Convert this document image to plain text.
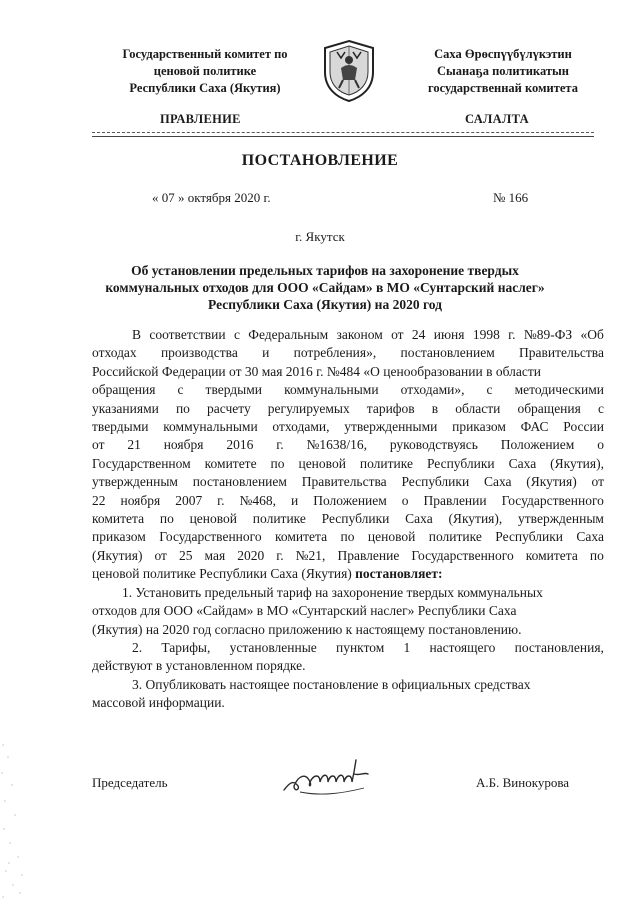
Государственный комитет по
ценовой политике
Республики Саха (Якутия)
Саха Өрөспүүбүлүкэтин
Сыанаҕа политикатын
государственнай комитета
ПРАВЛЕНИЕ	САЛАЛТА
ПОСТАНОВЛЕНИЕ
« 07 » октября 2020 г.	№ 166
г. Якутск
Об установлении предельных тарифов на захоронение твердых
коммунальных отходов для ООО «Сайдам» в МО «Сунтарский наслег»
Республики Саха (Якутия) на 2020 год
В соответствии с Федеральным законом от 24 июня 1998 г. №89-ФЗ «Об
отходах производства и потребления», постановлением Правительства
Российской Федерации от 30 мая 2016 г. №484 «О ценообразовании в области
обращения с твердыми коммунальными отходами», с методическими
указаниями по расчету регулируемых тарифов в области обращения с
твердыми коммунальными отходами, утвержденными приказом ФАС России
от 21 ноября 2016 г. №1638/16, руководствуясь Положением о
Государственном комитете по ценовой политике Республики Саха (Якутия),
утвержденным постановлением Правительства Республики Саха (Якутия) от
22 ноября 2007 г. №468, и Положением о Правлении Государственного
комитета по ценовой политике Республики Саха (Якутия), утвержденным
приказом Государственного комитета по ценовой политике Республики Саха
(Якутия) от 25 мая 2020 г. №21, Правление Государственного комитета по
ценовой политике Республики Саха (Якутия) постановляет:
1. Установить предельный тариф на захоронение твердых коммунальных
отходов для ООО «Сайдам» в МО «Сунтарский наслег» Республики Саха
(Якутия) на 2020 год согласно приложению к настоящему постановлению.
2. Тарифы, установленные пунктом 1 настоящего постановления,
действуют в установленном порядке.
3. Опубликовать настоящее постановление в официальных средствах
массовой информации.
Председатель	А.Б. Винокурова
